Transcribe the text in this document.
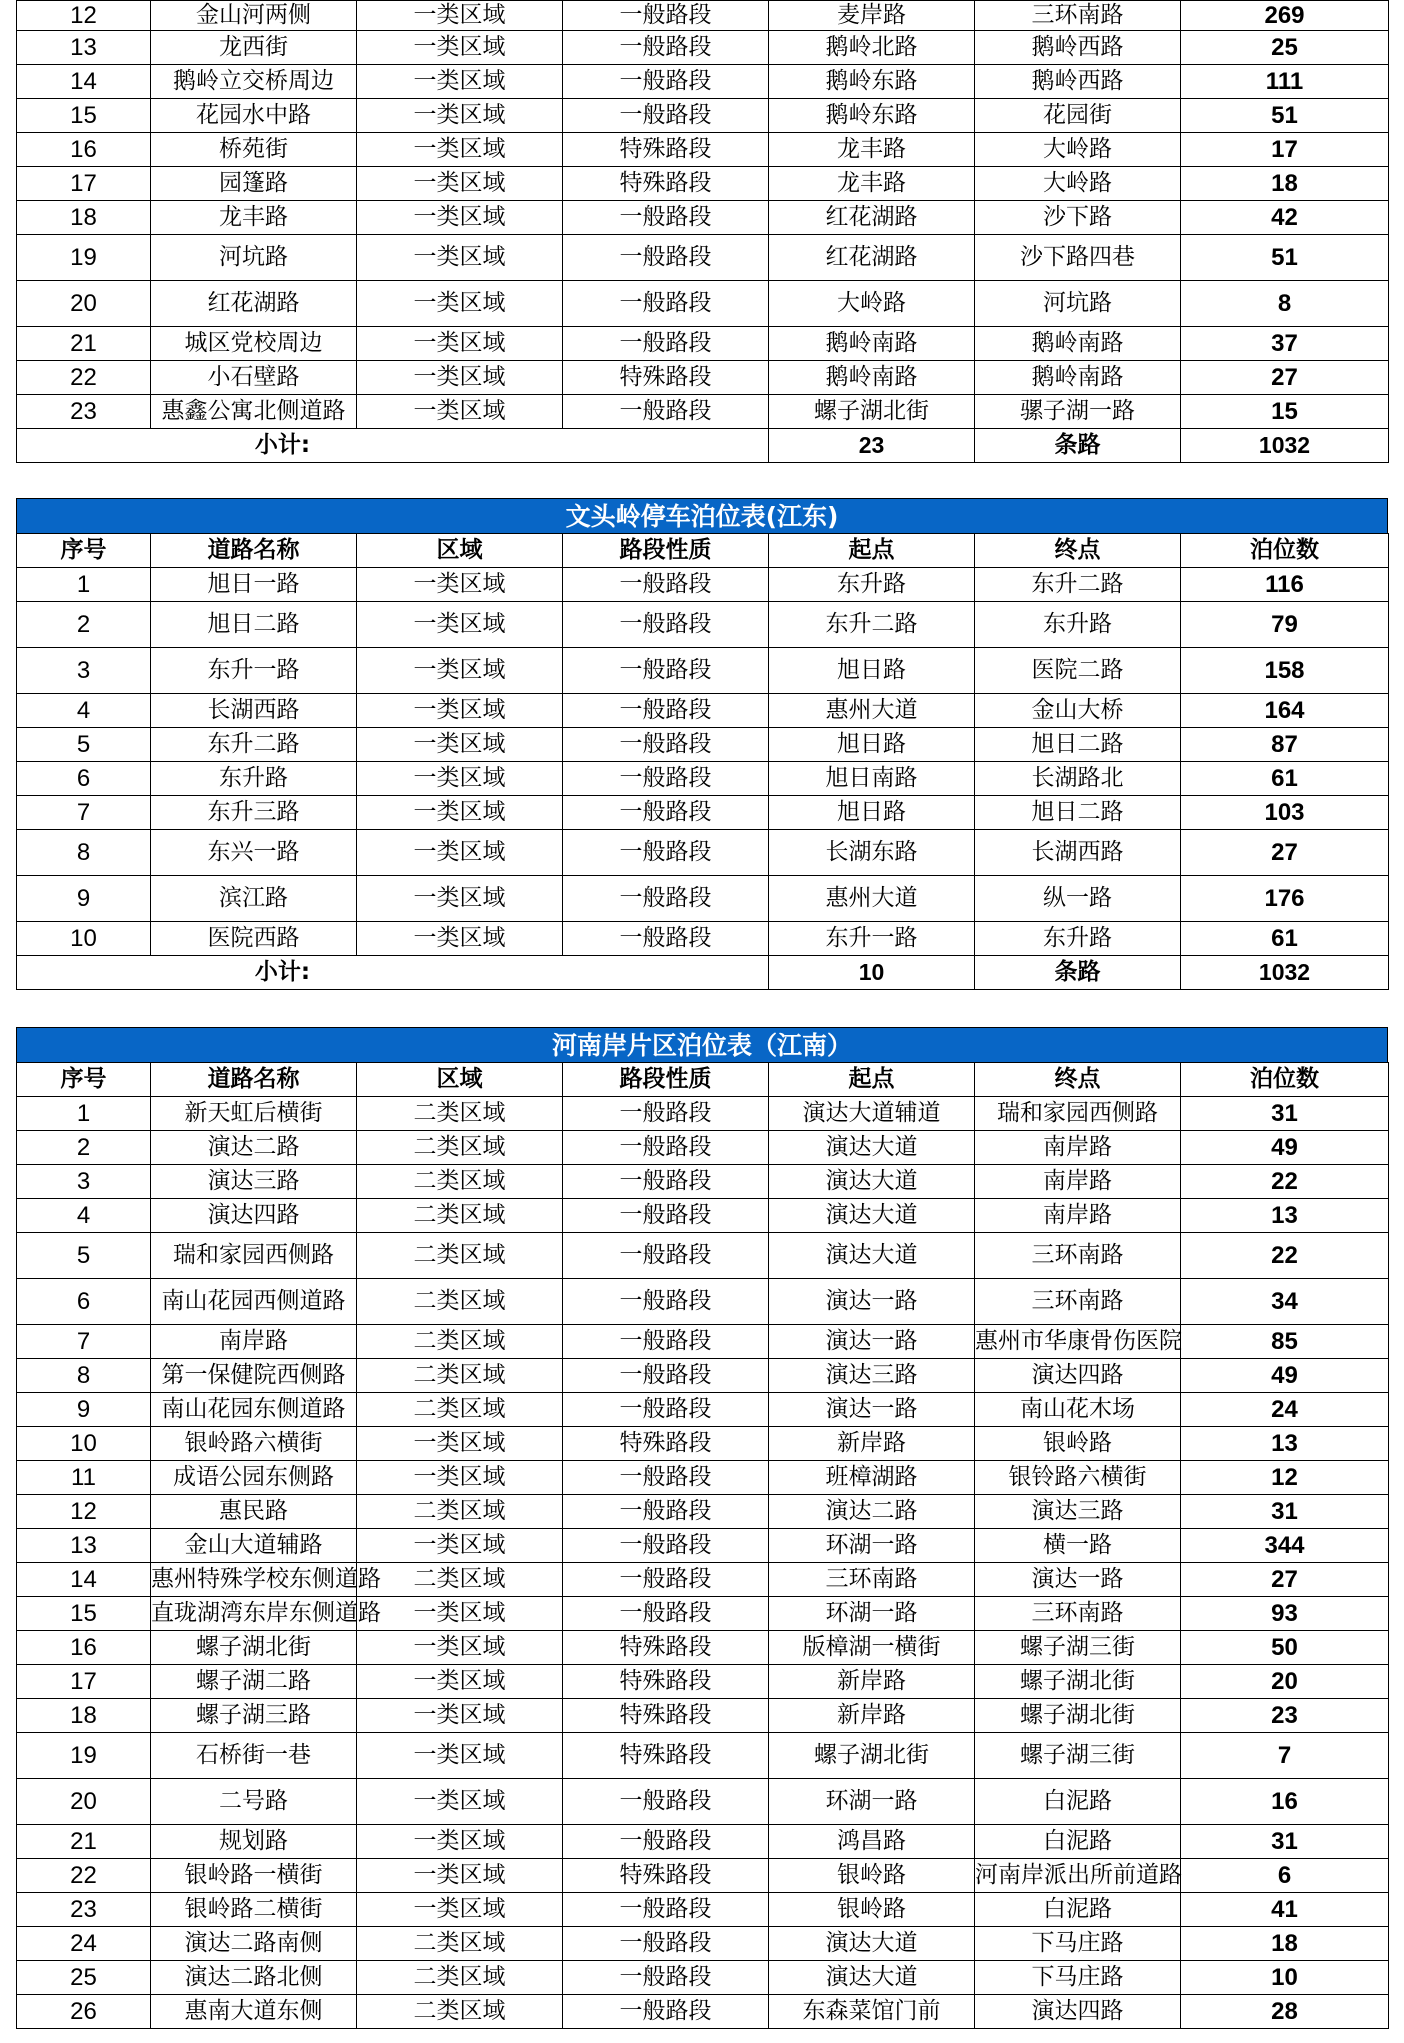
12	金山河两侧	一类区域	一般路段	麦岸路	三环南路	269
13	龙西街	一类区域	一般路段	鹅岭北路	鹅岭西路	25
14	鹅岭立交桥周边	一类区域	一般路段	鹅岭东路	鹅岭西路	111
15	花园水中路	一类区域	一般路段	鹅岭东路	花园街	51
16	桥苑街	一类区域	特殊路段	龙丰路	大岭路	17
17	园篷路	一类区域	特殊路段	龙丰路	大岭路	18
18	龙丰路	一类区域	一般路段	红花湖路	沙下路	42
19	河坑路	一类区域	一般路段	红花湖路	沙下路四巷	51
20	红花湖路	一类区域	一般路段	大岭路	河坑路	8
21	城区党校周边	一类区域	一般路段	鹅岭南路	鹅岭南路	37
22	小石壁路	一类区域	特殊路段	鹅岭南路	鹅岭南路	27
23	惠鑫公寓北侧道路	一类区域	一般路段	螺子湖北街	骡子湖一路	15
小计:				23	条路	1032
文头岭停车泊位表(江东)
序号	道路名称	区域	路段性质	起点	终点	泊位数
1	旭日一路	一类区域	一般路段	东升路	东升二路	116
2	旭日二路	一类区域	一般路段	东升二路	东升路	79
3	东升一路	一类区域	一般路段	旭日路	医院二路	158
4	长湖西路	一类区域	一般路段	惠州大道	金山大桥	164
5	东升二路	一类区域	一般路段	旭日路	旭日二路	87
6	东升路	一类区域	一般路段	旭日南路	长湖路北	61
7	东升三路	一类区域	一般路段	旭日路	旭日二路	103
8	东兴一路	一类区域	一般路段	长湖东路	长湖西路	27
9	滨江路	一类区域	一般路段	惠州大道	纵一路	176
10	医院西路	一类区域	一般路段	东升一路	东升路	61
小计:				10	条路	1032
河南岸片区泊位表（江南）
序号	道路名称	区域	路段性质	起点	终点	泊位数
1	新天虹后横街	二类区域	一般路段	演达大道辅道	瑞和家园西侧路	31
2	演达二路	二类区域	一般路段	演达大道	南岸路	49
3	演达三路	二类区域	一般路段	演达大道	南岸路	22
4	演达四路	二类区域	一般路段	演达大道	南岸路	13
5	瑞和家园西侧路	二类区域	一般路段	演达大道	三环南路	22
6	南山花园西侧道路	二类区域	一般路段	演达一路	三环南路	34
7	南岸路	二类区域	一般路段	演达一路	惠州市华康骨伤医院	85
8	第一保健院西侧路	二类区域	一般路段	演达三路	演达四路	49
9	南山花园东侧道路	二类区域	一般路段	演达一路	南山花木场	24
10	银岭路六横街	一类区域	特殊路段	新岸路	银岭路	13
11	成语公园东侧路	一类区域	一般路段	班樟湖路	银铃路六横街	12
12	惠民路	二类区域	一般路段	演达二路	演达三路	31
13	金山大道辅路	一类区域	一般路段	环湖一路	横一路	344
14	惠州特殊学校东侧道路	二类区域	一般路段	三环南路	演达一路	27
15	直珑湖湾东岸东侧道路	一类区域	一般路段	环湖一路	三环南路	93
16	螺子湖北街	一类区域	特殊路段	版樟湖一横街	螺子湖三街	50
17	螺子湖二路	一类区域	特殊路段	新岸路	螺子湖北街	20
18	螺子湖三路	一类区域	特殊路段	新岸路	螺子湖北街	23
19	石桥街一巷	一类区域	特殊路段	螺子湖北街	螺子湖三街	7
20	二号路	一类区域	一般路段	环湖一路	白泥路	16
21	规划路	一类区域	一般路段	鸿昌路	白泥路	31
22	银岭路一横街	一类区域	特殊路段	银岭路	河南岸派出所前道路	6
23	银岭路二横街	一类区域	一般路段	银岭路	白泥路	41
24	演达二路南侧	二类区域	一般路段	演达大道	下马庄路	18
25	演达二路北侧	二类区域	一般路段	演达大道	下马庄路	10
26	惠南大道东侧	二类区域	一般路段	东森菜馆门前	演达四路	28
